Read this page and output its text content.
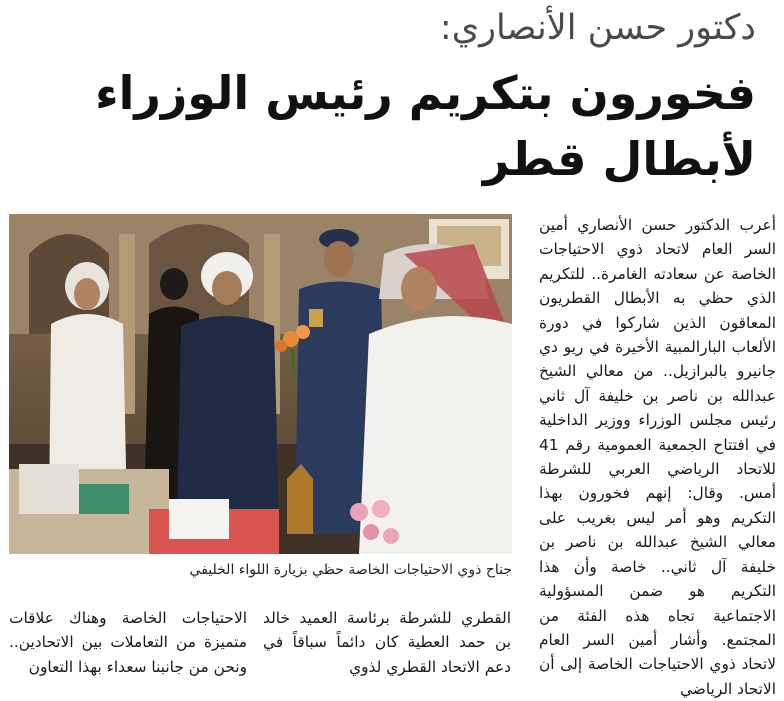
دكتور حسن الأنصاري:
فخورون بتكريم رئيس الوزراء لأبطال قطر
جناح ذوي الاحتياجات الخاصة حظي بزيارة اللواء الخليفي

أعرب الدكتور حسن الأنصاري أمين السر العام لاتحاد ذوي الاحتياجات الخاصة عن سعادته الغامرة.. للتكريم الذي حظي به الأبطال القطريون المعاقون الذين شاركوا في دورة الألعاب البارالمبية الأخيرة في ريو دي جانيرو بالبرازيل.. من معالي الشيخ عبدالله بن ناصر بن خليفة آل ثاني رئيس مجلس الوزراء ووزير الداخلية في افتتاح الجمعية العمومية رقم 41 للاتحاد الرياضي العربي للشرطة أمس. وقال: إنهم فخورون بهذا التكريم وهو أمر ليس بغريب على معالي الشيخ عبدالله بن ناصر بن خليفة آل ثاني.. خاصة وأن هذا التكريم هو ضمن المسؤولية الاجتماعية تجاه هذه الفئة من المجتمع. وأشار أمين السر العام لاتحاد ذوي الاحتياجات الخاصة إلى أن الاتحاد الرياضي

القطري للشرطة برئاسة العميد خالد بن حمد العطية كان دائماً سباقاً في دعم الاتحاد القطري لذوي

الاحتياجات الخاصة وهناك علاقات متميزة من التعاملات بين الاتحادين.. ونحن من جانبنا سعداء بهذا التعاون
